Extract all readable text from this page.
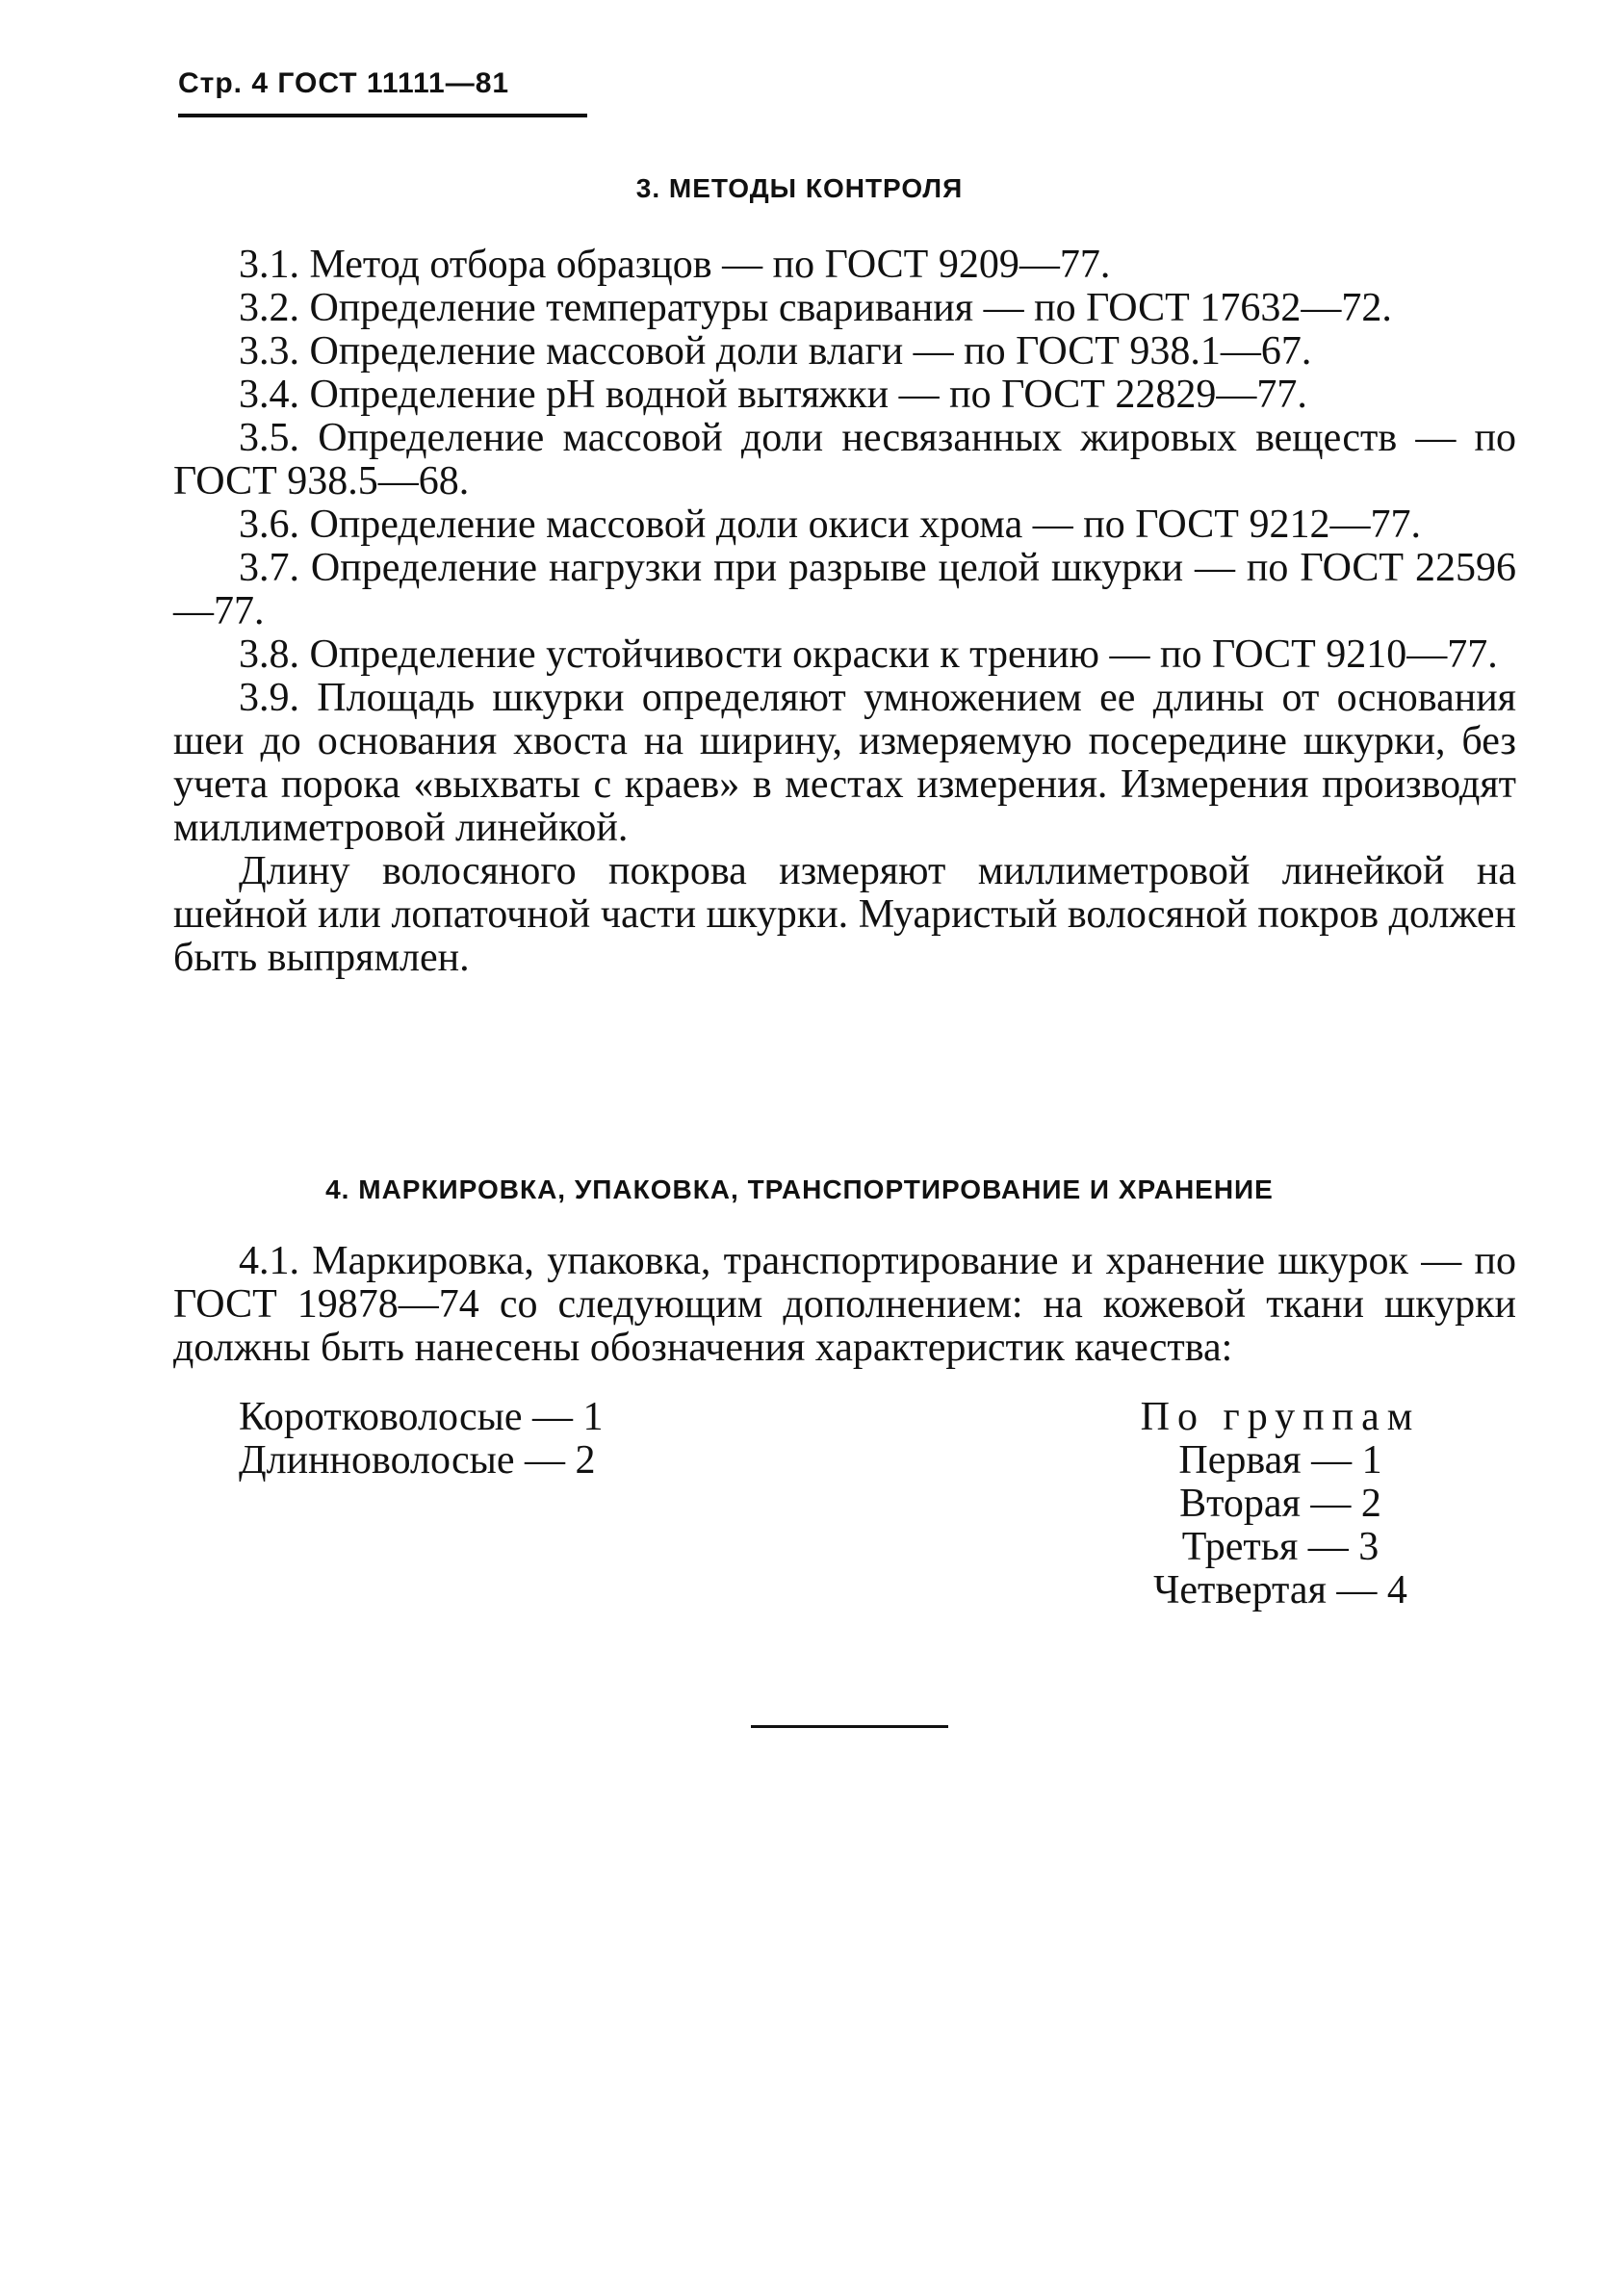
Стр. 4 ГОСТ 11111—81
3. МЕТОДЫ КОНТРОЛЯ

3.1. Метод отбора образцов — по ГОСТ 9209—77.

3.2. Определение температуры сваривания — по ГОСТ 17632—72.

3.3. Определение массовой доли влаги — по ГОСТ 938.1—67.

3.4. Определение рН водной вытяжки — по ГОСТ 22829—77.

3.5. Определение массовой доли несвязанных жировых веществ — по ГОСТ 938.5—68.

3.6. Определение массовой доли окиси хрома — по ГОСТ 9212—77.

3.7. Определение нагрузки при разрыве целой шкурки — по ГОСТ 22596—77.

3.8. Определение устойчивости окраски к трению — по ГОСТ 9210—77.

3.9. Площадь шкурки определяют умножением ее длины от основания шеи до основания хвоста на ширину, измеряемую посередине шкурки, без учета порока «выхваты с краев» в местах измерения. Измерения производят миллиметровой линейкой.

Длину волосяного покрова измеряют миллиметровой линейкой на шейной или лопаточной части шкурки. Муаристый волосяной покров должен быть выпрямлен.

4. МАРКИРОВКА, УПАКОВКА, ТРАНСПОРТИРОВАНИЕ И ХРАНЕНИЕ

4.1. Маркировка, упаковка, транспортирование и хранение шкурок — по ГОСТ 19878—74 со следующим дополнением: на кожевой ткани шкурки должны быть нанесены обозначения характеристик качества:

Коротковолосые — 1

Длинноволосые — 2

По группам

Первая — 1

Вторая — 2

Третья — 3

Четвертая — 4
